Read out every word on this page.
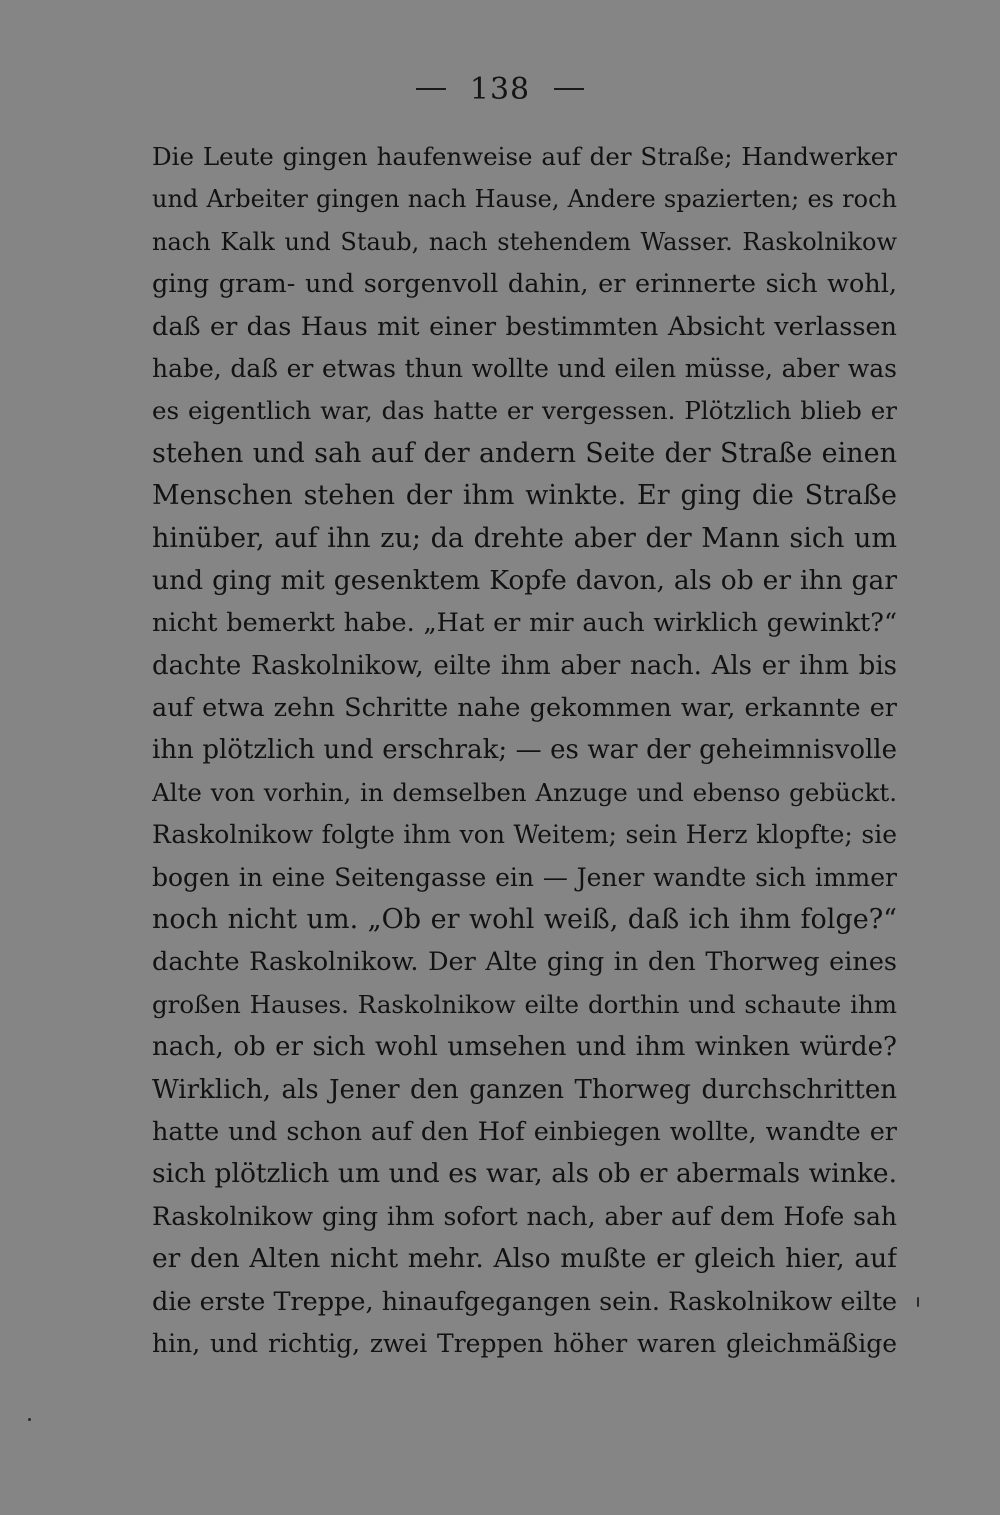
138
Die Leute gingen haufenweise auf der Straße; Handwerker
und Arbeiter gingen nach Hause, Andere spazierten; es roch
nach Kalk und Staub, nach stehendem Wasser. Raskolnikow
ging gram- und sorgenvoll dahin, er erinnerte sich wohl,
daß er das Haus mit einer bestimmten Absicht verlassen
habe, daß er etwas thun wollte und eilen müsse, aber was
es eigentlich war, das hatte er vergessen. Plötzlich blieb er
stehen und sah auf der andern Seite der Straße einen
Menschen stehen der ihm winkte. Er ging die Straße
hinüber, auf ihn zu; da drehte aber der Mann sich um
und ging mit gesenktem Kopfe davon, als ob er ihn gar
nicht bemerkt habe. „Hat er mir auch wirklich gewinkt?“
dachte Raskolnikow, eilte ihm aber nach. Als er ihm bis
auf etwa zehn Schritte nahe gekommen war, erkannte er
ihn plötzlich und erschrak; — es war der geheimnisvolle
Alte von vorhin, in demselben Anzuge und ebenso gebückt.
Raskolnikow folgte ihm von Weitem; sein Herz klopfte; sie
bogen in eine Seitengasse ein — Jener wandte sich immer
noch nicht um. „Ob er wohl weiß, daß ich ihm folge?“
dachte Raskolnikow. Der Alte ging in den Thorweg eines
großen Hauses. Raskolnikow eilte dorthin und schaute ihm
nach, ob er sich wohl umsehen und ihm winken würde?
Wirklich, als Jener den ganzen Thorweg durchschritten
hatte und schon auf den Hof einbiegen wollte, wandte er
sich plötzlich um und es war, als ob er abermals winke.
Raskolnikow ging ihm sofort nach, aber auf dem Hofe sah
er den Alten nicht mehr. Also mußte er gleich hier, auf
die erste Treppe, hinaufgegangen sein. Raskolnikow eilte
hin, und richtig, zwei Treppen höher waren gleichmäßige
